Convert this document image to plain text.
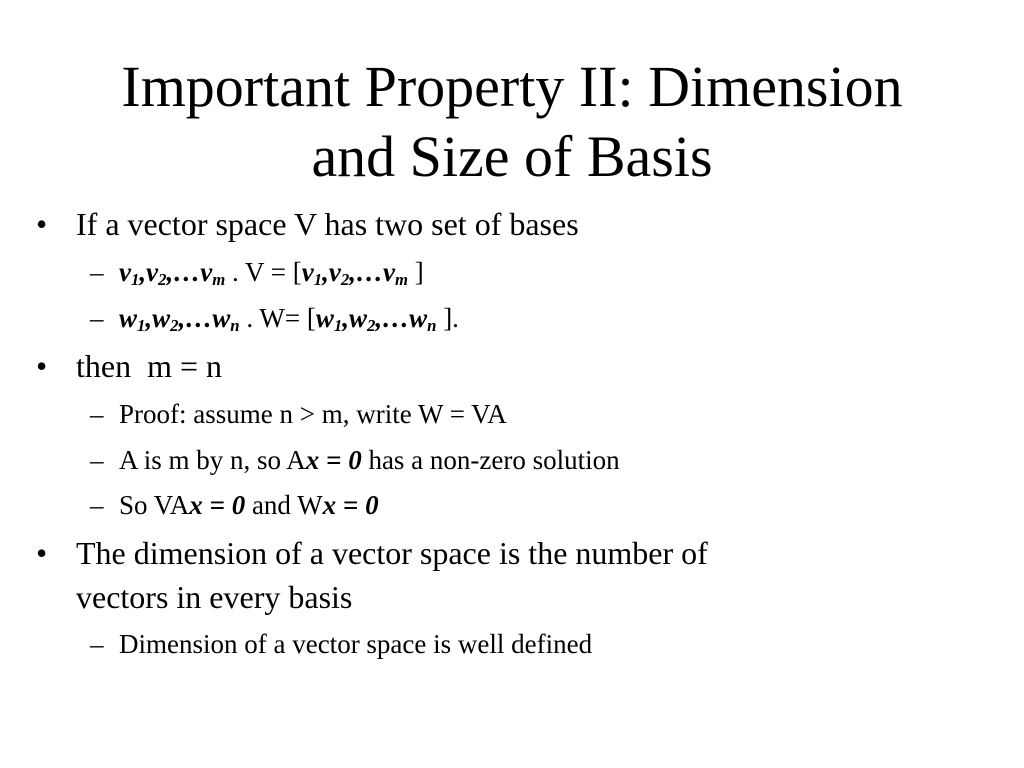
Important Property II: Dimension
and Size of Basis
• If a vector space V has two set of bases
– $v_1,v_2,\dots v_m$ . $V = [v_1,v_2,\dots v_m$ ]
– $w_1,w_2,\dots w_n$ . $W= [w_1,w_2,\dots w_n$ ].
• then  m = n
– Proof: assume n > m, write W = VA
– A is m by n, so Ax = 0 has a non-zero solution
– So VAx = 0 and Wx = 0
• The dimension of a vector space is the number of
vectors in every basis
– Dimension of a vector space is well defined
